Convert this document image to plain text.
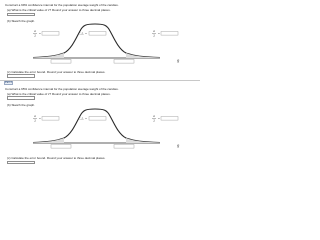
Construct a 99% confidence interval for the population average weight of the candies.
(a) What is the critical value of z? Round your answer to three decimal places.
(b) Sketch the graph.
α
2 =	C.L. =
α
2 =
x̄
(c) Calculate the error bound. Round your answer to three decimal places.
Part 2
Construct a 95% confidence interval for the population average weight of the candies.
(a) What is the critical value of z? Round your answer to three decimal places.
(b) Sketch the graph.
α
2 =	C.L. =
α
2 =
x̄
(c) Calculate the error bound. Round your answer to three decimal places.
